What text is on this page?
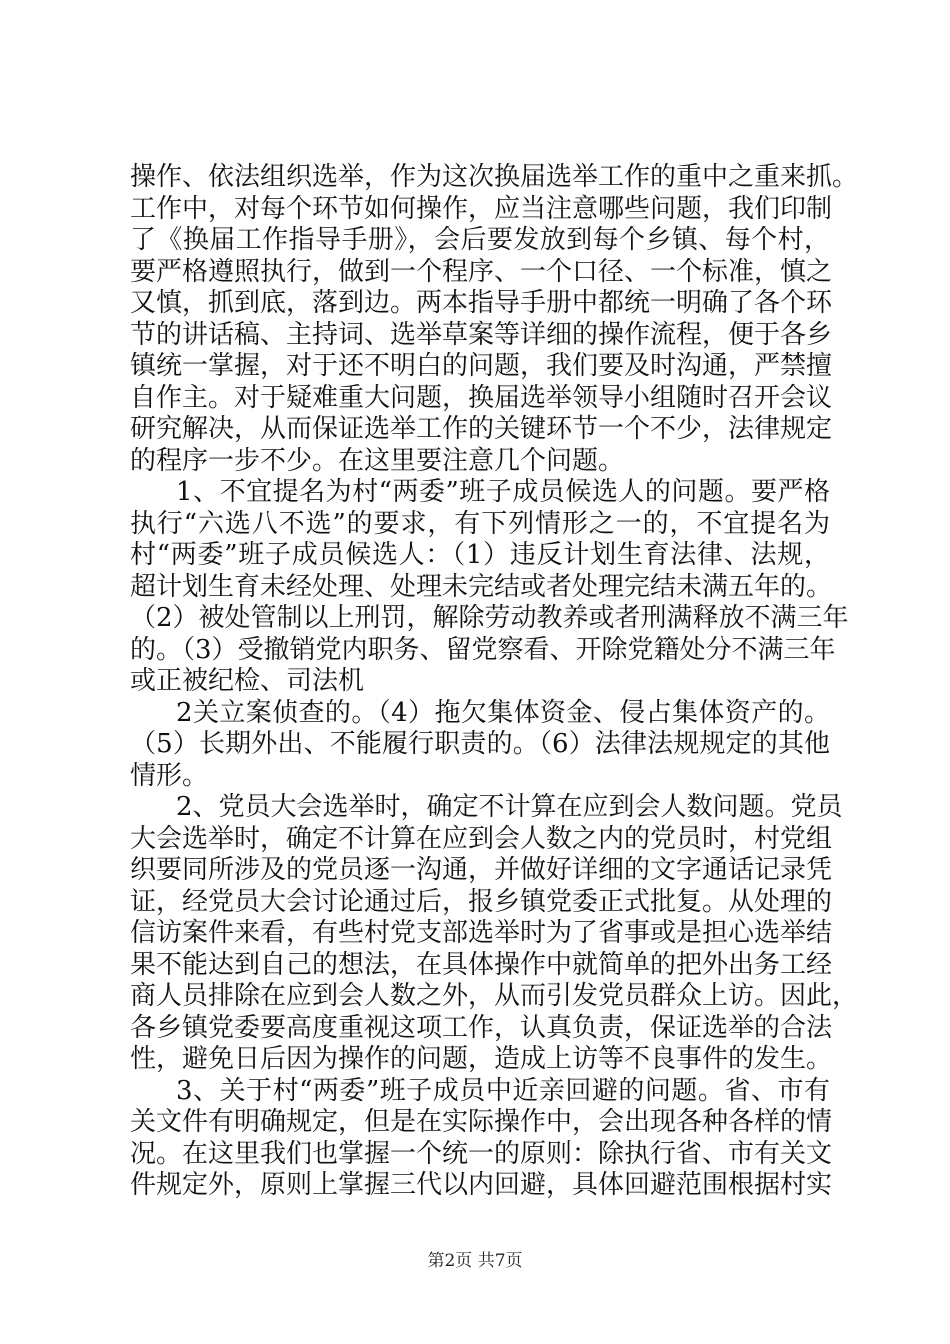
操作、依法组织选举，作为这次换届选举工作的重中之重来抓。
工作中，对每个环节如何操作，应当注意哪些问题，我们印制
了《换届工作指导手册》，会后要发放到每个乡镇、每个村，
要严格遵照执行，做到一个程序、一个口径、一个标准，慎之
又慎，抓到底，落到边。两本指导手册中都统一明确了各个环
节的讲话稿、主持词、选举草案等详细的操作流程，便于各乡
镇统一掌握，对于还不明白的问题，我们要及时沟通，严禁擅
自作主。对于疑难重大问题，换届选举领导小组随时召开会议
研究解决，从而保证选举工作的关键环节一个不少，法律规定
的程序一步不少。在这里要注意几个问题。
1、不宜提名为村“两委”班子成员候选人的问题。要严格
执行“六选八不选”的要求，有下列情形之一的，不宜提名为
村“两委”班子成员候选人：（1）违反计划生育法律、法规，
超计划生育未经处理、处理未完结或者处理完结未满五年的。
（2）被处管制以上刑罚，解除劳动教养或者刑满释放不满三年
的。（3）受撤销党内职务、留党察看、开除党籍处分不满三年
或正被纪检、司法机
2关立案侦查的。（4）拖欠集体资金、侵占集体资产的。
（5）长期外出、不能履行职责的。（6）法律法规规定的其他
情形。
2、党员大会选举时，确定不计算在应到会人数问题。党员
大会选举时，确定不计算在应到会人数之内的党员时，村党组
织要同所涉及的党员逐一沟通，并做好详细的文字通话记录凭
证，经党员大会讨论通过后，报乡镇党委正式批复。从处理的
信访案件来看，有些村党支部选举时为了省事或是担心选举结
果不能达到自己的想法，在具体操作中就简单的把外出务工经
商人员排除在应到会人数之外，从而引发党员群众上访。因此，
各乡镇党委要高度重视这项工作，认真负责，保证选举的合法
性，避免日后因为操作的问题，造成上访等不良事件的发生。
3、关于村“两委”班子成员中近亲回避的问题。省、市有
关文件有明确规定，但是在实际操作中，会出现各种各样的情
况。在这里我们也掌握一个统一的原则：除执行省、市有关文
件规定外，原则上掌握三代以内回避，具体回避范围根据村实
第2页 共7页
